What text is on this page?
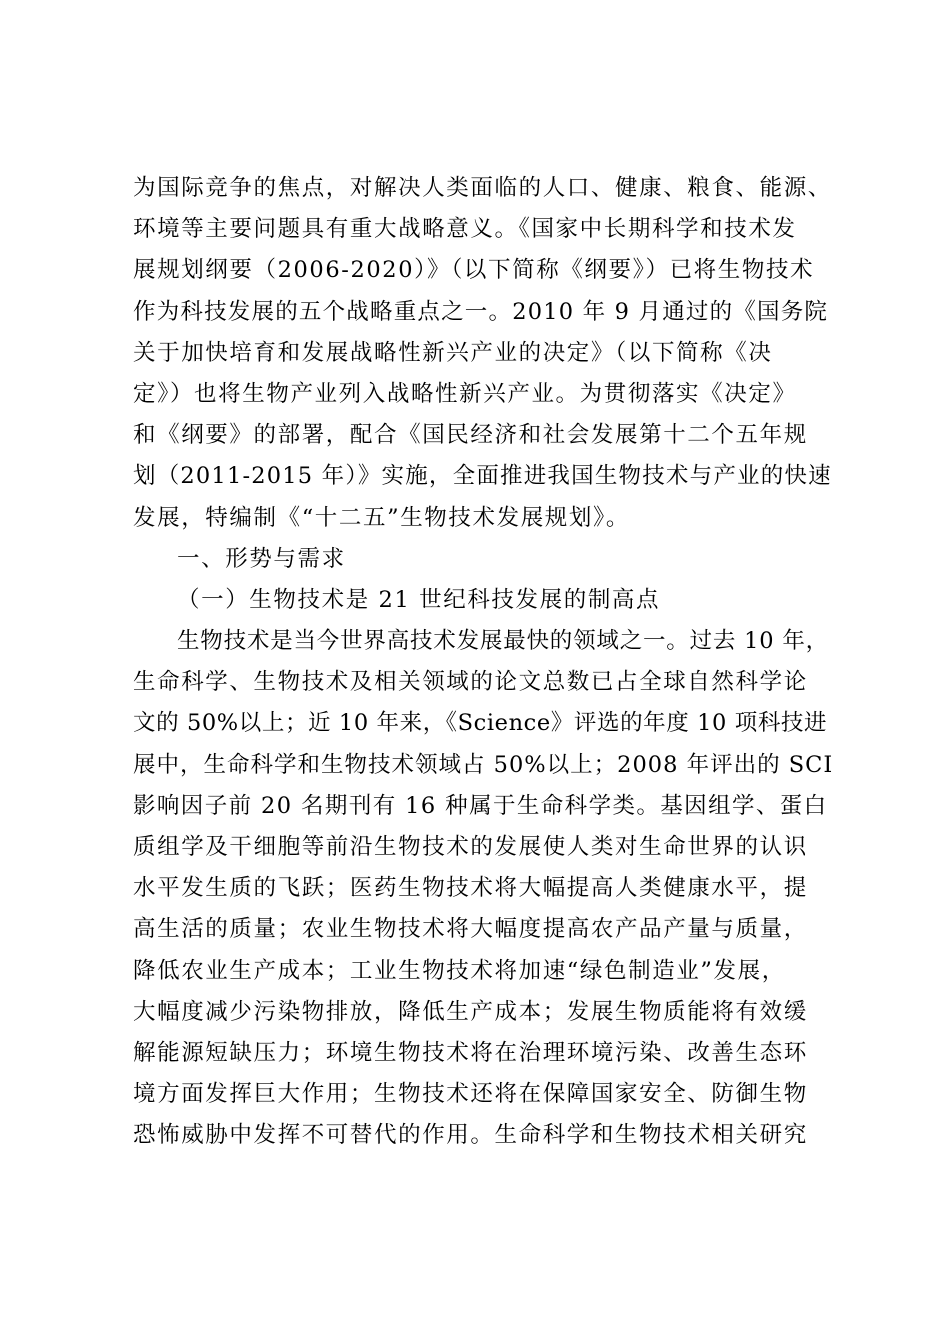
为国际竞争的焦点，对解决人类面临的人口、健康、粮食、能源、
环境等主要问题具有重大战略意义。《国家中长期科学和技术发
展规划纲要（2006-2020）》（以下简称《纲要》）已将生物技术
作为科技发展的五个战略重点之一。2010 年 9 月通过的《国务院
关于加快培育和发展战略性新兴产业的决定》（以下简称《决
定》）也将生物产业列入战略性新兴产业。为贯彻落实《决定》
和《纲要》的部署，配合《国民经济和社会发展第十二个五年规
划（2011-2015 年）》实施，全面推进我国生物技术与产业的快速
发展，特编制《“十二五”生物技术发展规划》。
一、形势与需求
（一）生物技术是 21 世纪科技发展的制高点
生物技术是当今世界高技术发展最快的领域之一。过去 10 年，
生命科学、生物技术及相关领域的论文总数已占全球自然科学论
文的 50%以上；近 10 年来，《Science》评选的年度 10 项科技进
展中，生命科学和生物技术领域占 50%以上；2008 年评出的 SCI
影响因子前 20 名期刊有 16 种属于生命科学类。基因组学、蛋白
质组学及干细胞等前沿生物技术的发展使人类对生命世界的认识
水平发生质的飞跃；医药生物技术将大幅提高人类健康水平，提
高生活的质量；农业生物技术将大幅度提高农产品产量与质量，
降低农业生产成本；工业生物技术将加速“绿色制造业”发展，
大幅度减少污染物排放，降低生产成本；发展生物质能将有效缓
解能源短缺压力；环境生物技术将在治理环境污染、改善生态环
境方面发挥巨大作用；生物技术还将在保障国家安全、防御生物
恐怖威胁中发挥不可替代的作用。生命科学和生物技术相关研究
